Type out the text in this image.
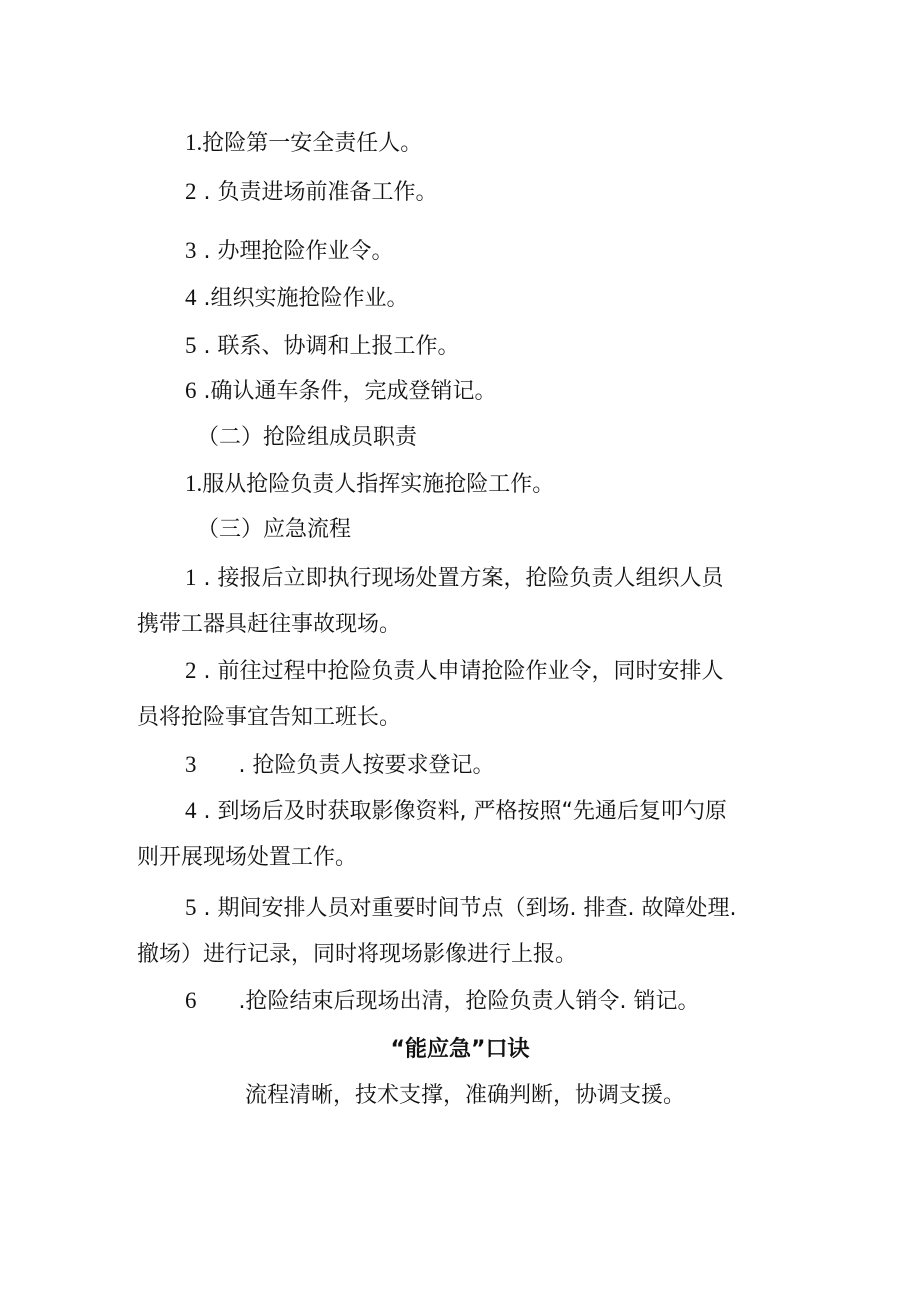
1.抢险第一安全责任人。
2 . 负责进场前准备工作。
3 . 办理抢险作业令。
4 .组织实施抢险作业。
5 . 联系、协调和上报工作。
6 .确认通车条件，完成登销记。
（二）抢险组成员职责
1.服从抢险负责人指挥实施抢险工作。
（三）应急流程
1 . 接报后立即执行现场处置方案，抢险负责人组织人员
携带工器具赶往事故现场。
2 . 前往过程中抢险负责人申请抢险作业令，同时安排人
员将抢险事宜告知工班长。
3      . 抢险负责人按要求登记。
4 . 到场后及时获取影像资料, 严格按照“先通后复叩勺原
则开展现场处置工作。
5 . 期间安排人员对重要时间节点（到场. 排查. 故障处理.
撤场）进行记录，同时将现场影像进行上报。
6      .抢险结束后现场出清，抢险负责人销令. 销记。
“能应急”口诀
流程清晰，技术支撑，准确判断，协调支援。
